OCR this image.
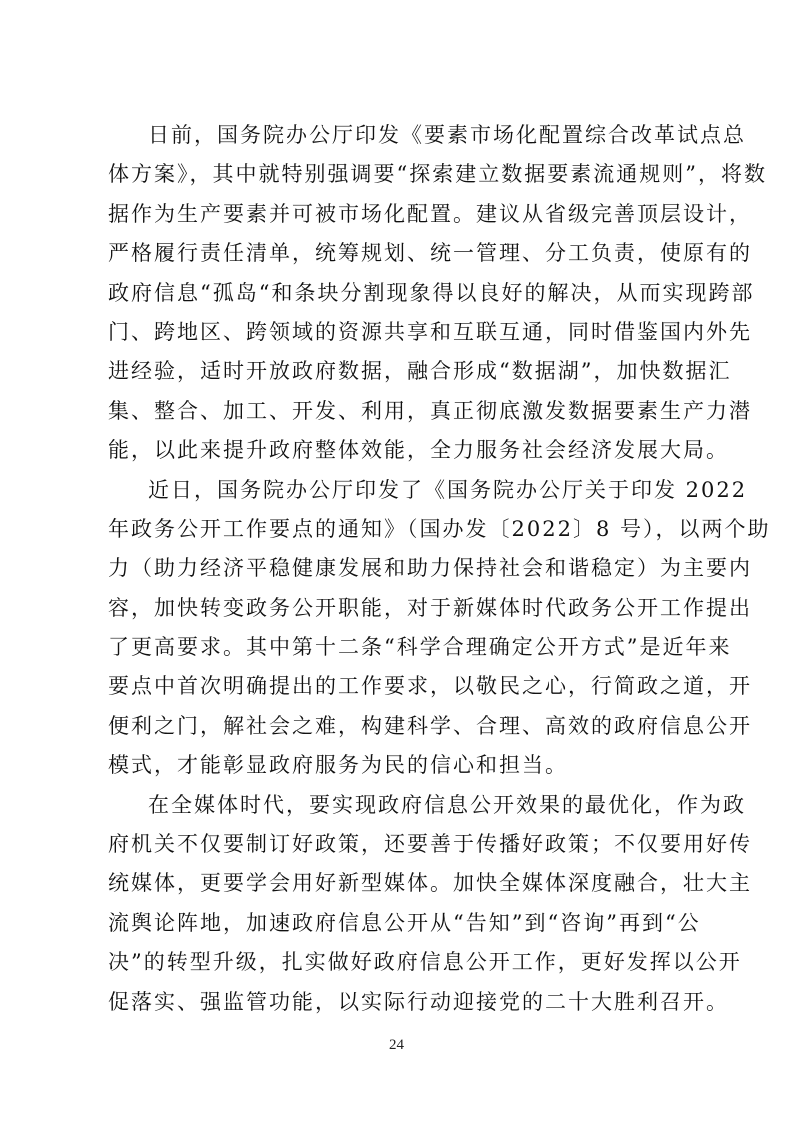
日前，国务院办公厅印发《要素市场化配置综合改革试点总
体方案》，其中就特别强调要“探索建立数据要素流通规则”，将数
据作为生产要素并可被市场化配置。建议从省级完善顶层设计，
严格履行责任清单，统筹规划、统一管理、分工负责，使原有的
政府信息“孤岛“和条块分割现象得以良好的解决，从而实现跨部
门、跨地区、跨领域的资源共享和互联互通，同时借鉴国内外先
进经验，适时开放政府数据，融合形成“数据湖”，加快数据汇
集、整合、加工、开发、利用，真正彻底激发数据要素生产力潜
能，以此来提升政府整体效能，全力服务社会经济发展大局。
近日，国务院办公厅印发了《国务院办公厅关于印发 2022
年政务公开工作要点的通知》（国办发〔2022〕8 号），以两个助
力（助力经济平稳健康发展和助力保持社会和谐稳定）为主要内
容，加快转变政务公开职能，对于新媒体时代政务公开工作提出
了更高要求。其中第十二条“科学合理确定公开方式”是近年来
要点中首次明确提出的工作要求，以敬民之心，行简政之道，开
便利之门，解社会之难，构建科学、合理、高效的政府信息公开
模式，才能彰显政府服务为民的信心和担当。
在全媒体时代，要实现政府信息公开效果的最优化，作为政
府机关不仅要制订好政策，还要善于传播好政策；不仅要用好传
统媒体，更要学会用好新型媒体。加快全媒体深度融合，壮大主
流舆论阵地，加速政府信息公开从“告知”到“咨询”再到“公
决”的转型升级，扎实做好政府信息公开工作，更好发挥以公开
促落实、强监管功能，以实际行动迎接党的二十大胜利召开。
24
